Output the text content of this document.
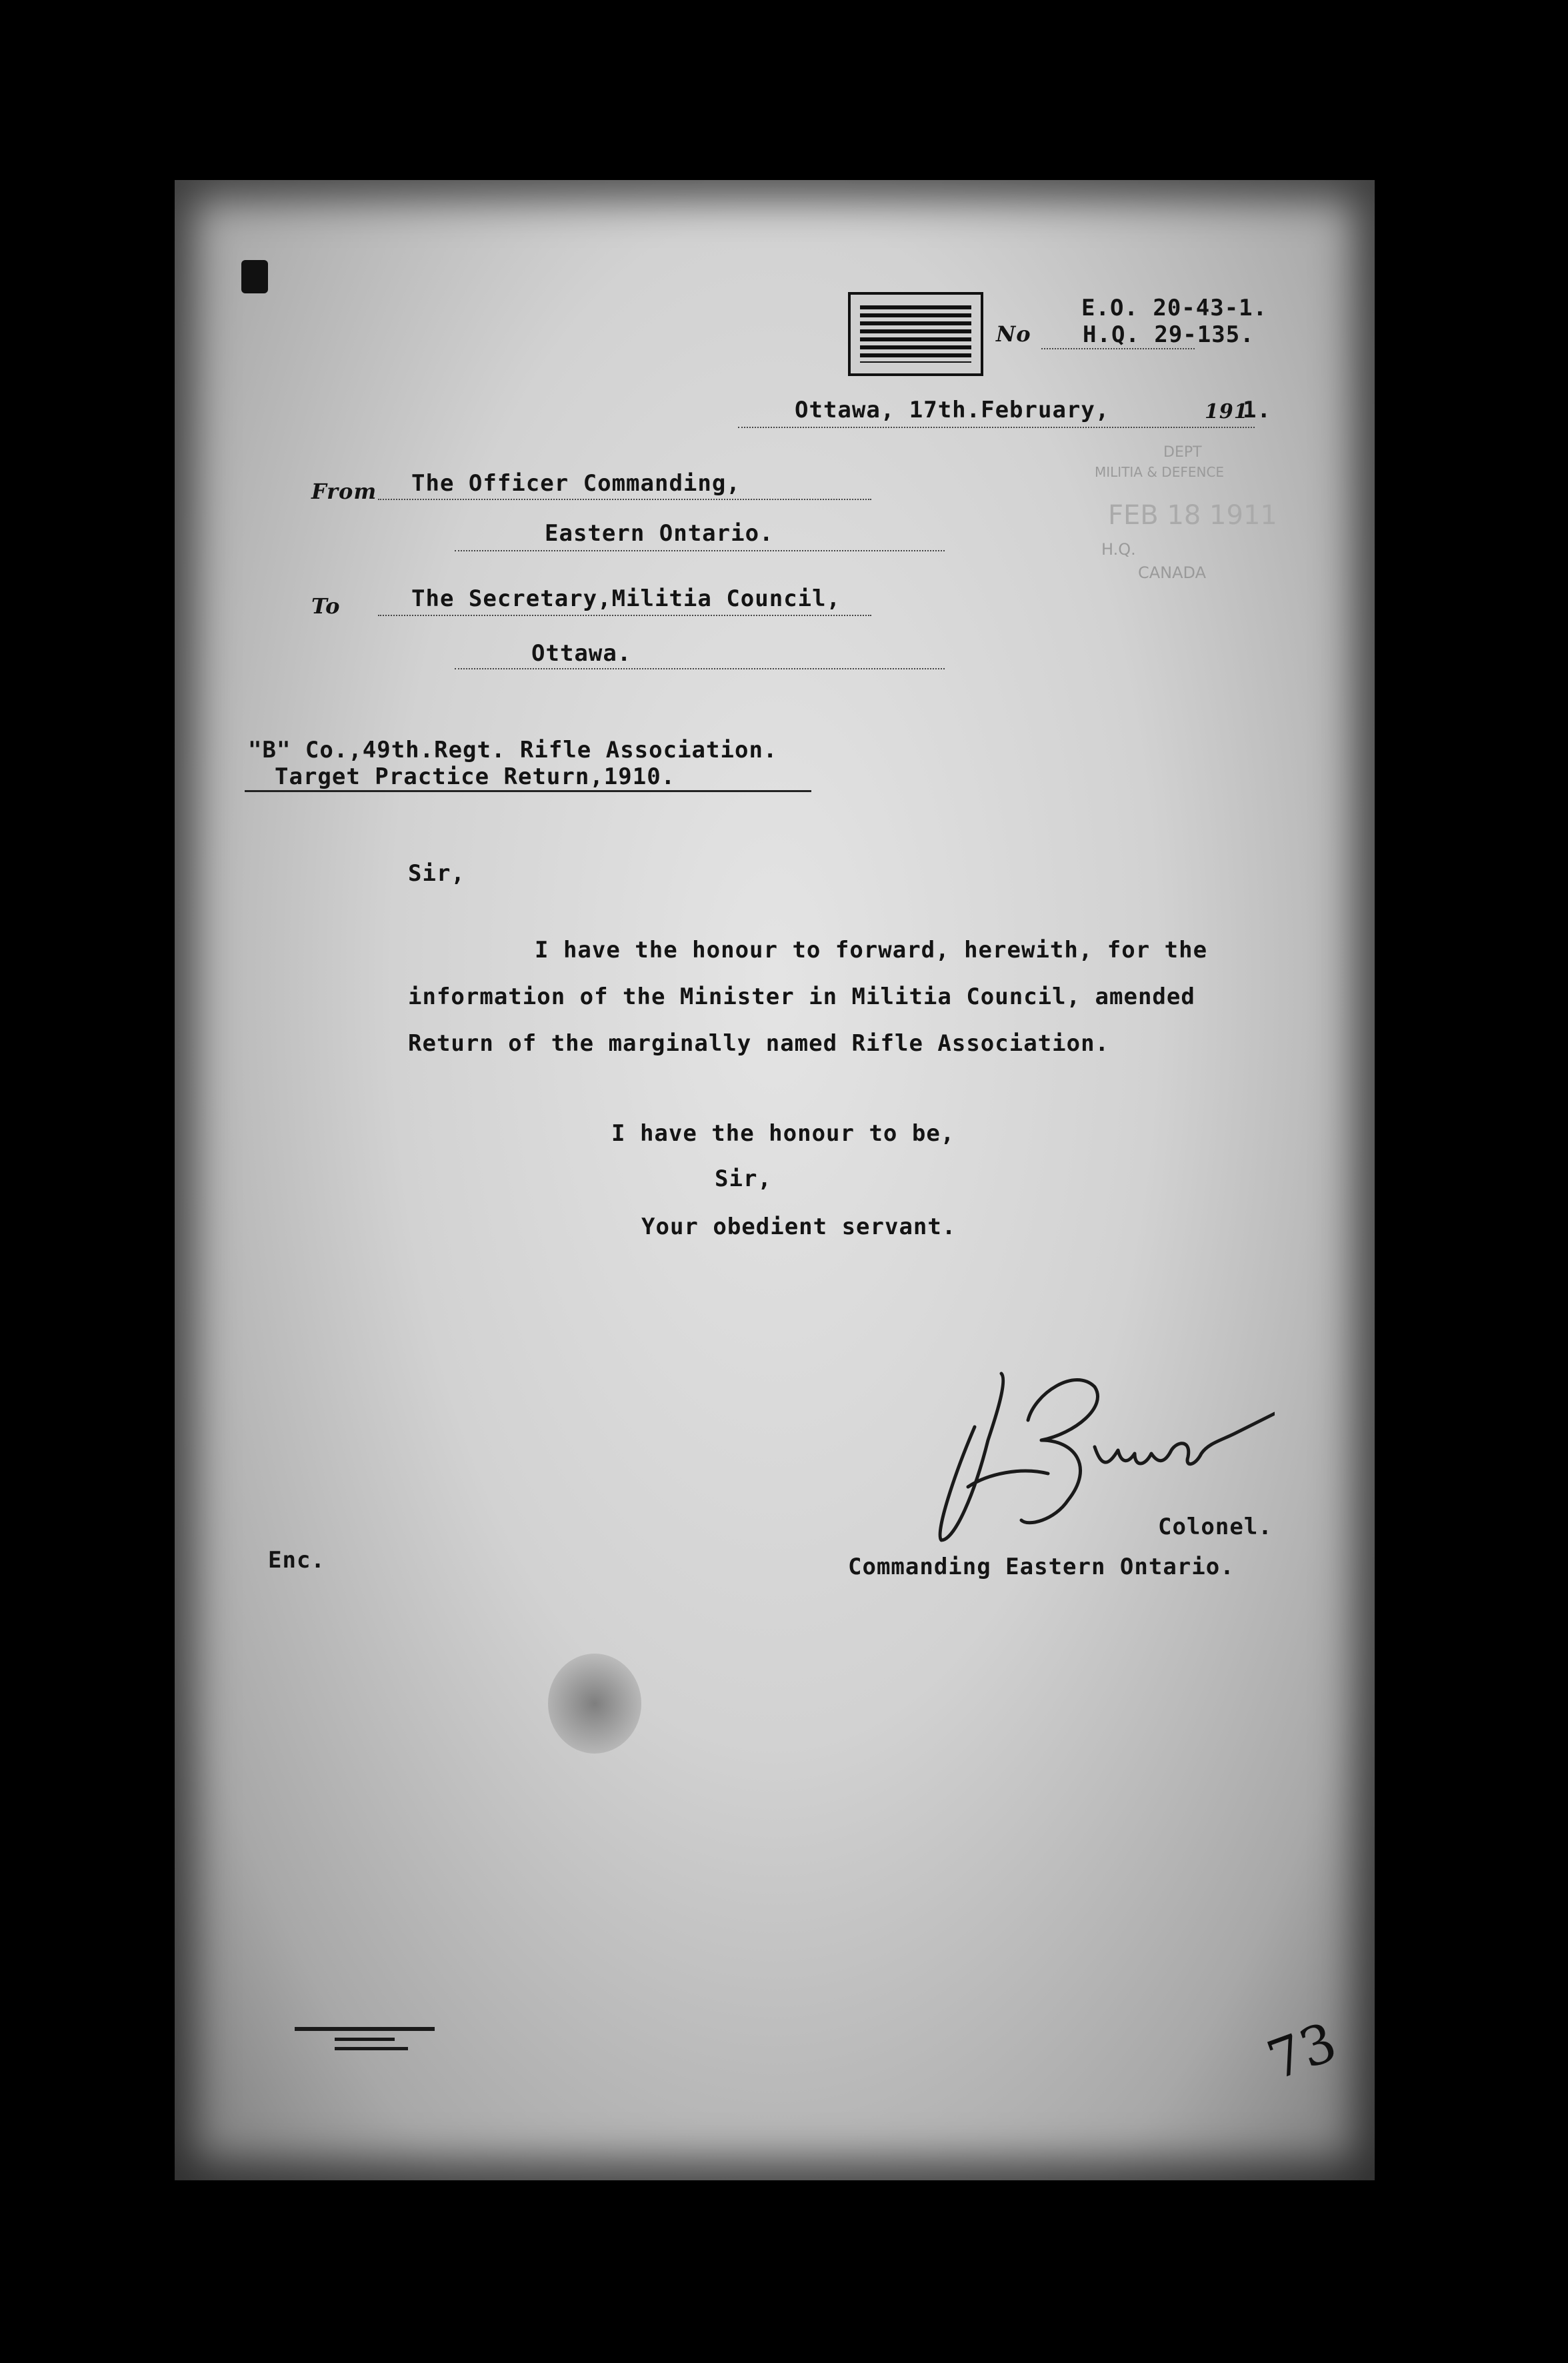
E.O. 20-43-1.
No H.Q. 29-135.
Ottawa, 17th.February,	191
1.
DEPT
MILITIA & DEFENCE
FEB 18 1911
H.Q.
CANADA
From The Officer Commanding,
Eastern Ontario.
To	The Secretary,Militia Council,
Ottawa.
"B" Co.,49th.Regt. Rifle Association.
Target Practice Return,1910.
Sir,
I have the honour to forward, herewith, for the
information of the Minister in Militia Council, amended
Return of the marginally named Rifle Association.
I have the honour to be,
Sir,
Your obedient servant.
Colonel.
Commanding Eastern Ontario.
Enc.
73
